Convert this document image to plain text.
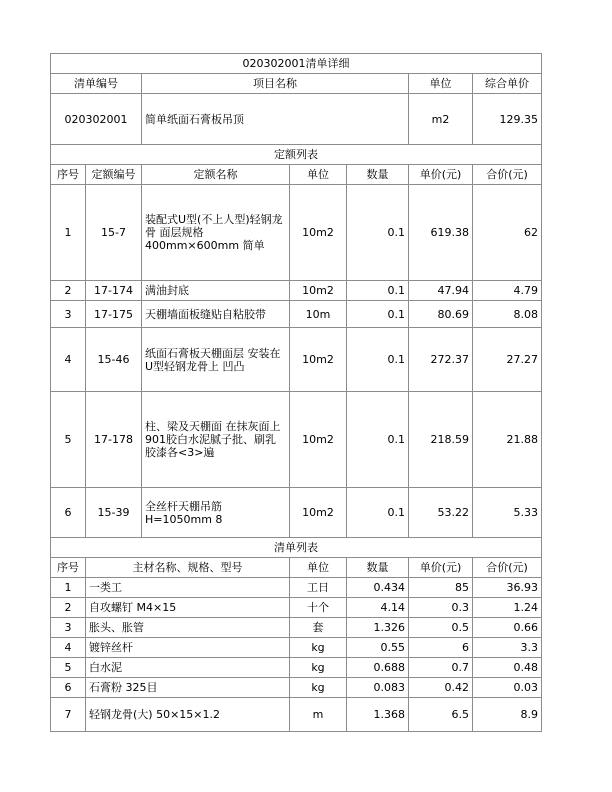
020302001清单详细						
清单编号		项目名称			单位	综合单价
020302001		简单纸面石膏板吊顶			m2	129.35
定额列表						
序号	定额编号	定额名称	单位	数量	单价(元)	合价(元)
1	15-7	装配式U型(不上人型)轻钢龙骨 面层规格400mm×600mm 简单	10m2	0.1	619.38	62
2	17-174	满油封底	10m2	0.1	47.94	4.79
3	17-175	天棚墙面板缝贴自粘胶带	10m	0.1	80.69	8.08
4	15-46	纸面石膏板天棚面层 安装在U型轻钢龙骨上 凹凸	10m2	0.1	272.37	27.27
5	17-178	柱、梁及天棚面 在抹灰面上901胶白水泥腻子批、刷乳胶漆各<3>遍	10m2	0.1	218.59	21.88
6	15-39	全丝杆天棚吊筋 H=1050mm 8	10m2	0.1	53.22	5.33
清单列表						
序号	主材名称、规格、型号		单位	数量	单价(元)	合价(元)
1	一类工		工日	0.434	85	36.93
2	自攻螺钉 M4×15		十个	4.14	0.3	1.24
3	胀头、胀管		套	1.326	0.5	0.66
4	镀锌丝杆		kg	0.55	6	3.3
5	白水泥		kg	0.688	0.7	0.48
6	石膏粉 325目		kg	0.083	0.42	0.03
7	轻钢龙骨(大) 50×15×1.2		m	1.368	6.5	8.9
